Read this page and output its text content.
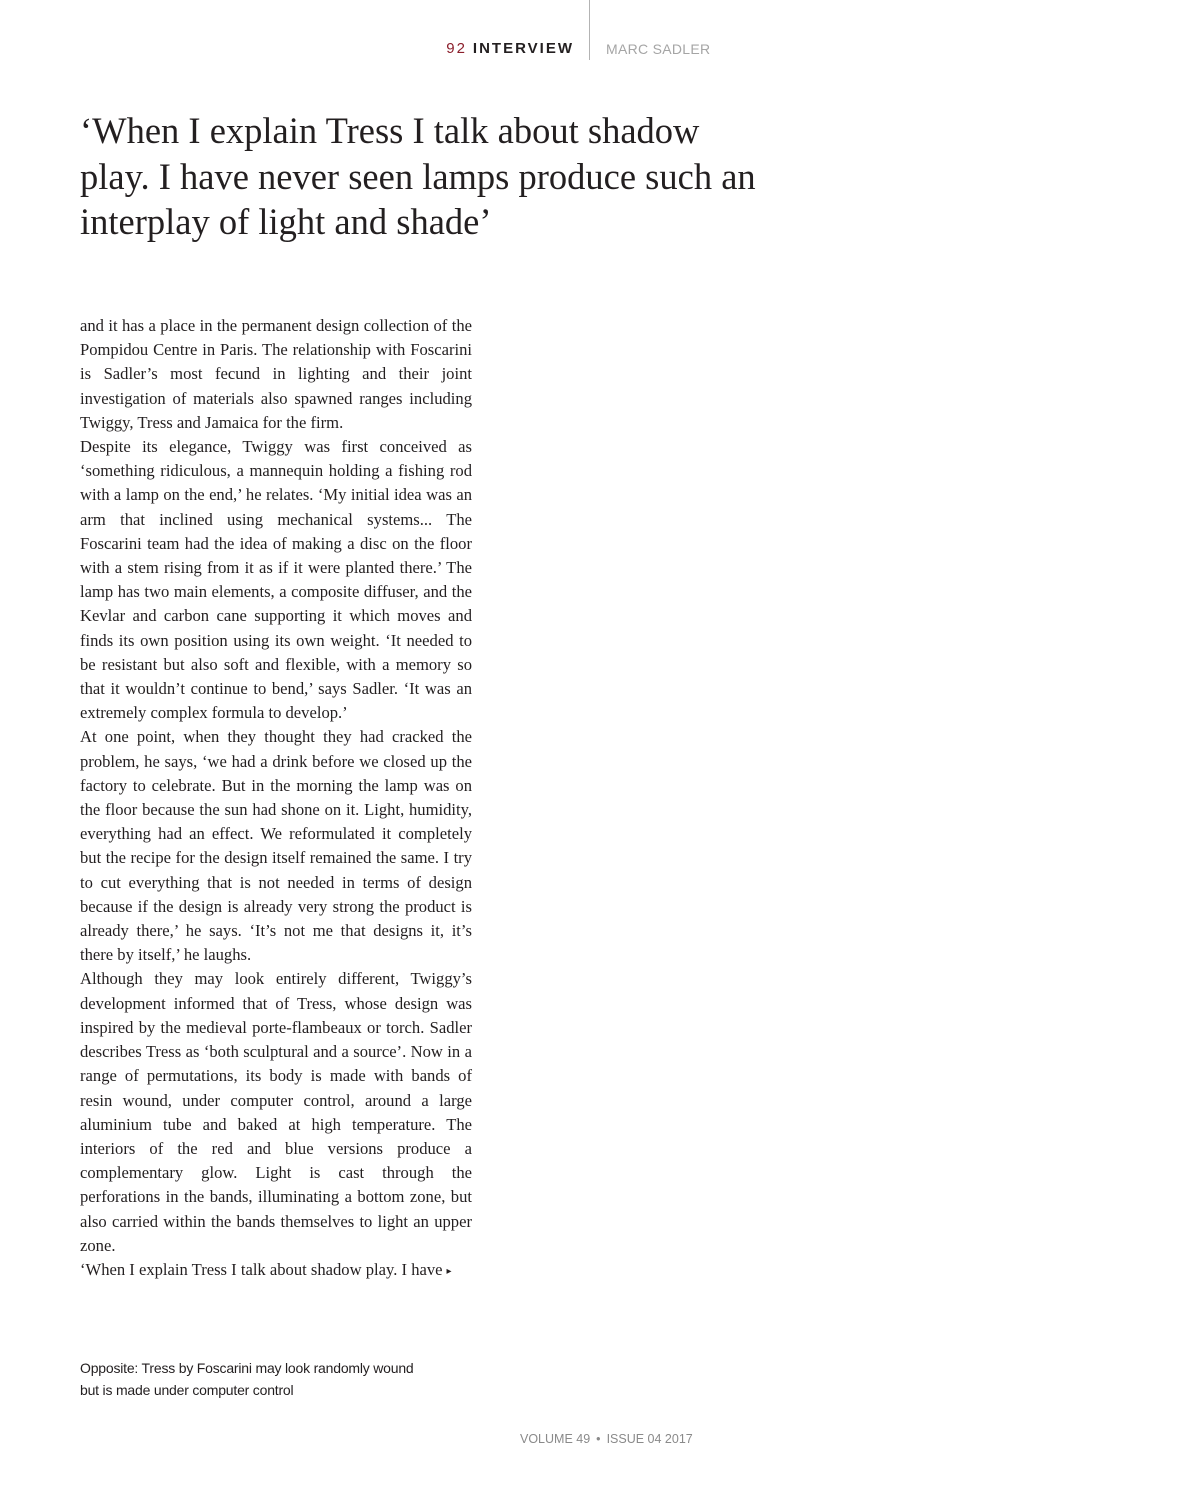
92 INTERVIEW MARC SADLER
‘When I explain Tress I talk about shadow play. I have never seen lamps produce such an interplay of light and shade’

and it has a place in the permanent design collection of the Pompidou Centre in Paris. The relationship with Foscarini is Sadler’s most fecund in lighting and their joint investigation of materials also spawned ranges including Twiggy, Tress and Jamaica for the firm.

Despite its elegance, Twiggy was first conceived as ‘something ridiculous, a mannequin holding a fishing rod with a lamp on the end,’ he relates. ‘My initial idea was an arm that inclined using mechanical systems... The Foscarini team had the idea of making a disc on the floor with a stem rising from it as if it were planted there.’ The lamp has two main elements, a composite diffuser, and the Kevlar and carbon cane supporting it which moves and finds its own position using its own weight. ‘It needed to be resistant but also soft and flexible, with a memory so that it wouldn’t continue to bend,’ says Sadler. ‘It was an extremely complex formula to develop.’

At one point, when they thought they had cracked the problem, he says, ‘we had a drink before we closed up the factory to celebrate. But in the morning the lamp was on the floor because the sun had shone on it. Light, humidity, everything had an effect. We reformulated it completely but the recipe for the design itself remained the same. I try to cut everything that is not needed in terms of design because if the design is already very strong the product is already there,’ he says. ‘It’s not me that designs it, it’s there by itself,’ he laughs.

Although they may look entirely different, Twiggy’s development informed that of Tress, whose design was inspired by the medieval porte-flambeaux or torch. Sadler describes Tress as ‘both sculptural and a source’. Now in a range of permutations, its body is made with bands of resin wound, under computer control, around a large aluminium tube and baked at high temperature. The interiors of the red and blue versions produce a complementary glow. Light is cast through the perforations in the bands, illuminating a bottom zone, but also carried within the bands themselves to light an upper zone.

‘When I explain Tress I talk about shadow play. I have ▸

Opposite: Tress by Foscarini may look randomly wound but is made under computer control
VOLUME 49 • ISSUE 04 2017
